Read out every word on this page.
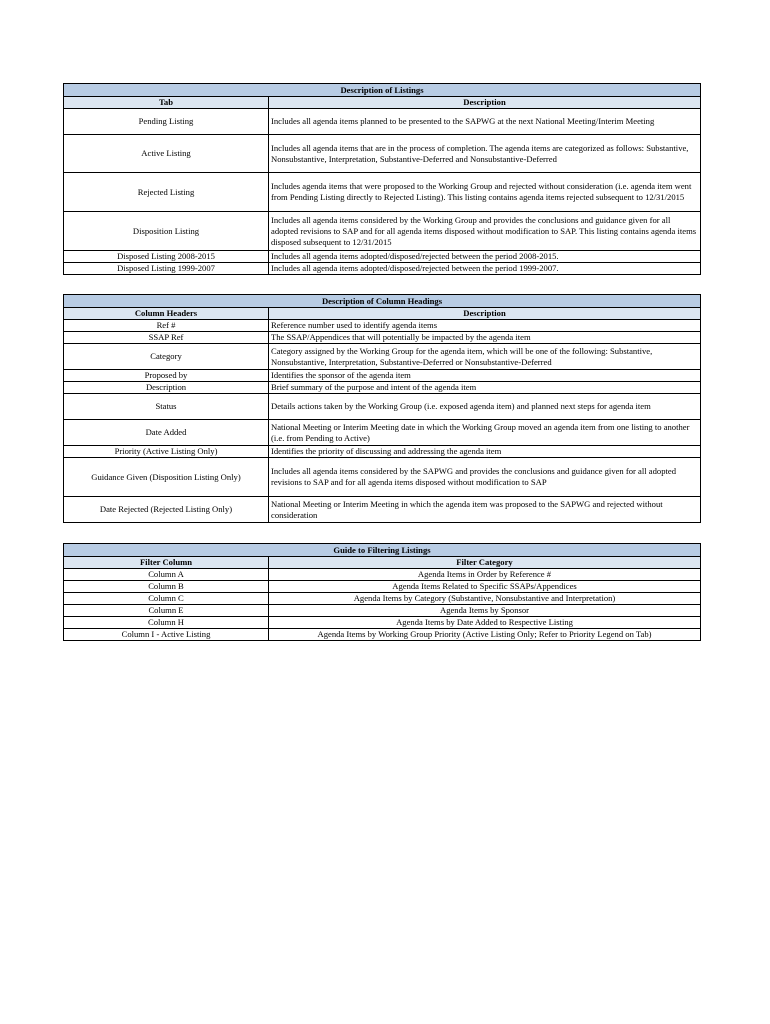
Description of Listings	
Tab	Description
Pending Listing	Includes all agenda items planned to be presented to the SAPWG at the next National Meeting/Interim Meeting
Active Listing	Includes all agenda items that are in the process of completion. The agenda items are categorized as follows: Substantive, Nonsubstantive, Interpretation, Substantive-Deferred and Nonsubstantive-Deferred
Rejected Listing	Includes agenda items that were proposed to the Working Group and rejected without consideration (i.e. agenda item went from Pending Listing directly to Rejected Listing). This listing contains agenda items rejected subsequent to 12/31/2015
Disposition Listing	Includes all agenda items considered by the Working Group and provides the conclusions and guidance given for all adopted revisions to SAP and for all agenda items disposed without modification to SAP. This listing contains agenda items disposed subsequent to 12/31/2015
Disposed Listing 2008-2015	Includes all agenda items adopted/disposed/rejected between the period 2008-2015.
Disposed Listing 1999-2007	Includes all agenda items adopted/disposed/rejected between the period 1999-2007.
Description of Column Headings	
Column Headers	Description
Ref #	Reference number used to identify agenda items
SSAP Ref	The SSAP/Appendices that will potentially be impacted by the agenda item
Category	Category assigned by the Working Group for the agenda item, which will be one of the following: Substantive, Nonsubstantive, Interpretation, Substantive-Deferred or Nonsubstantive-Deferred
Proposed by	Identifies the sponsor of the agenda item
Description	Brief summary of the purpose and intent of the agenda item
Status	Details actions taken by the Working Group (i.e. exposed agenda item) and planned next steps for agenda item
Date Added	National Meeting or Interim Meeting date in which the Working Group moved an agenda item from one listing to another (i.e. from Pending to Active)
Priority (Active Listing Only)	Identifies the priority of discussing and addressing the agenda item
Guidance Given (Disposition Listing Only)	Includes all agenda items considered by the SAPWG and provides the conclusions and guidance given for all adopted revisions to SAP and for all agenda items disposed without modification to SAP
Date Rejected (Rejected Listing Only)	National Meeting or Interim Meeting in which the agenda item was proposed to the SAPWG and rejected without consideration
Guide to Filtering Listings	
Filter Column	Filter Category
Column A	Agenda Items in Order by Reference #
Column B	Agenda Items Related to Specific SSAPs/Appendices
Column C	Agenda Items by Category (Substantive, Nonsubstantive and Interpretation)
Column E	Agenda Items by Sponsor
Column H	Agenda Items by Date Added to Respective Listing
Column I - Active Listing	Agenda Items by Working Group Priority (Active Listing Only; Refer to Priority Legend on Tab)
